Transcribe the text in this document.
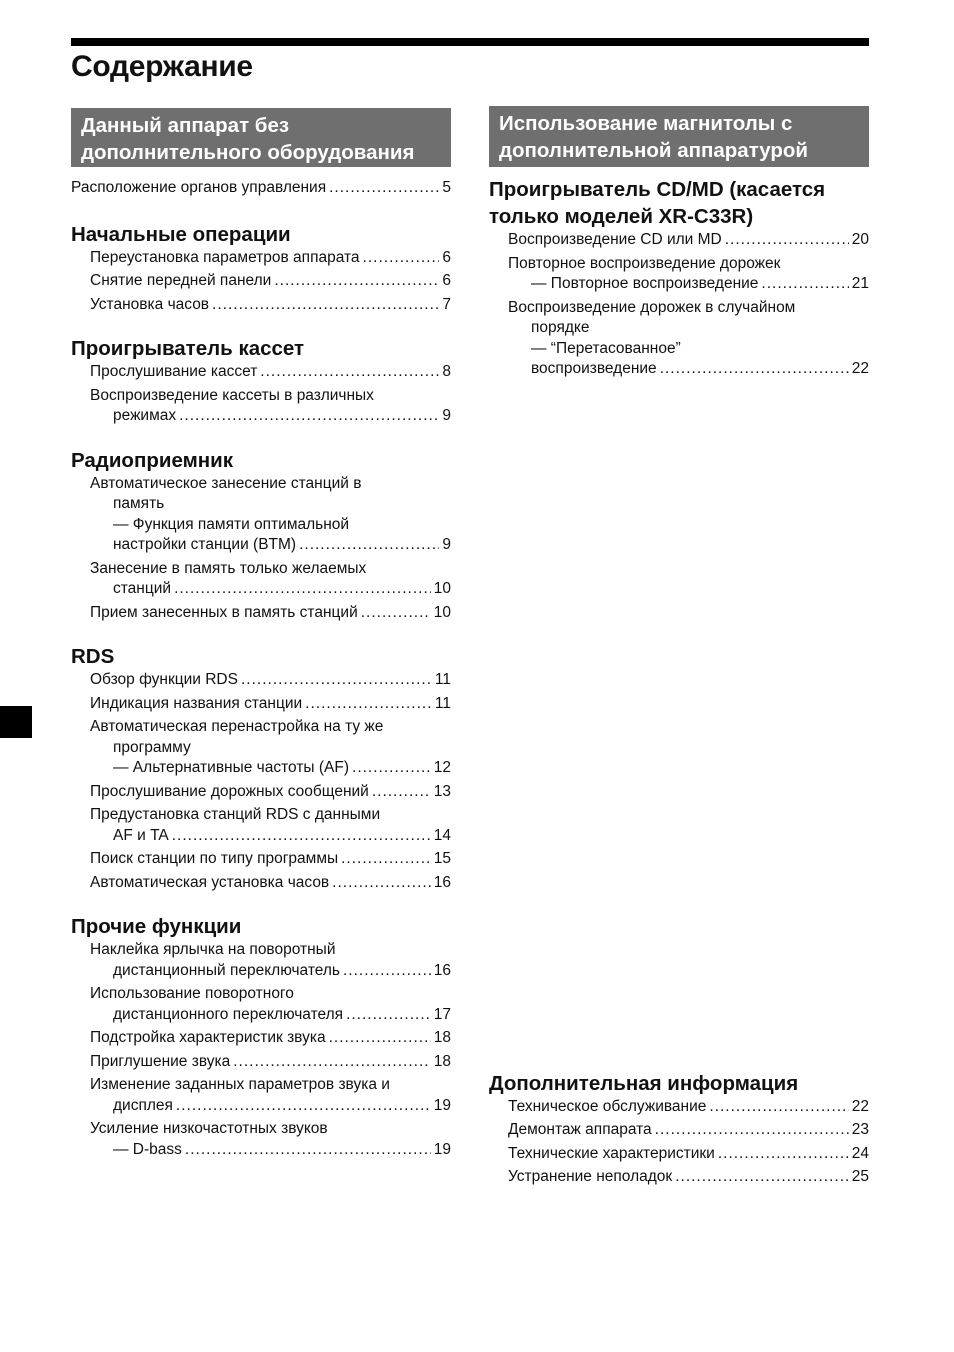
Содержание
Данный аппарат без
дополнительного оборудования
Расположение органов управления .....	5
Начальные операции
Переустановка параметров аппарата .....	6
Снятие передней панели .....	6
Установка часов .....	7
Проигрыватель кассет
Прослушивание кассет .....	8
Воспроизведение кассеты в различных
режимах .....	9
Радиоприемник
Автоматическое занесение станций в
память
— Функция памяти оптимальной
настройки станции (BTM) .....	9
Занесение в память только желаемых
станций .....	10
Прием занесенных в память станций .....	10
RDS
Обзор функции RDS .....	11
Индикация названия станции .....	11
Автоматическая перенастройка на ту же
программу
— Альтернативные частоты (AF) .....	12
Прослушивание дорожных сообщений .....	13
Предустановка станций RDS с данными
AF и TA .....	14
Поиск станции по типу программы .....	15
Автоматическая установка часов .....	16
Прочие функции
Наклейка ярлычка на поворотный
дистанционный переключатель .....	16
Использование поворотного
дистанционного переключателя .....	17
Подстройка характеристик звука .....	18
Приглушение звука .....	18
Изменение заданных параметров звука и
дисплея .....	19
Усиление низкочастотных звуков
— D-bass .....	19
Использование магнитолы с
дополнительной аппаратурой
Проигрыватель CD/MD (касается
только моделей XR-C33R)
Воспроизведение CD или MD .....	20
Повторное воспроизведение дорожек
— Повторное воспроизведение .....	21
Воспроизведение дорожек в случайном
порядке
— “Перетасованное”
воспроизведение .....	22
Дополнительная информация
Техническое обслуживание .....	22
Демонтаж аппарата .....	23
Технические характеристики .....	24
Устранение неполадок .....	25
